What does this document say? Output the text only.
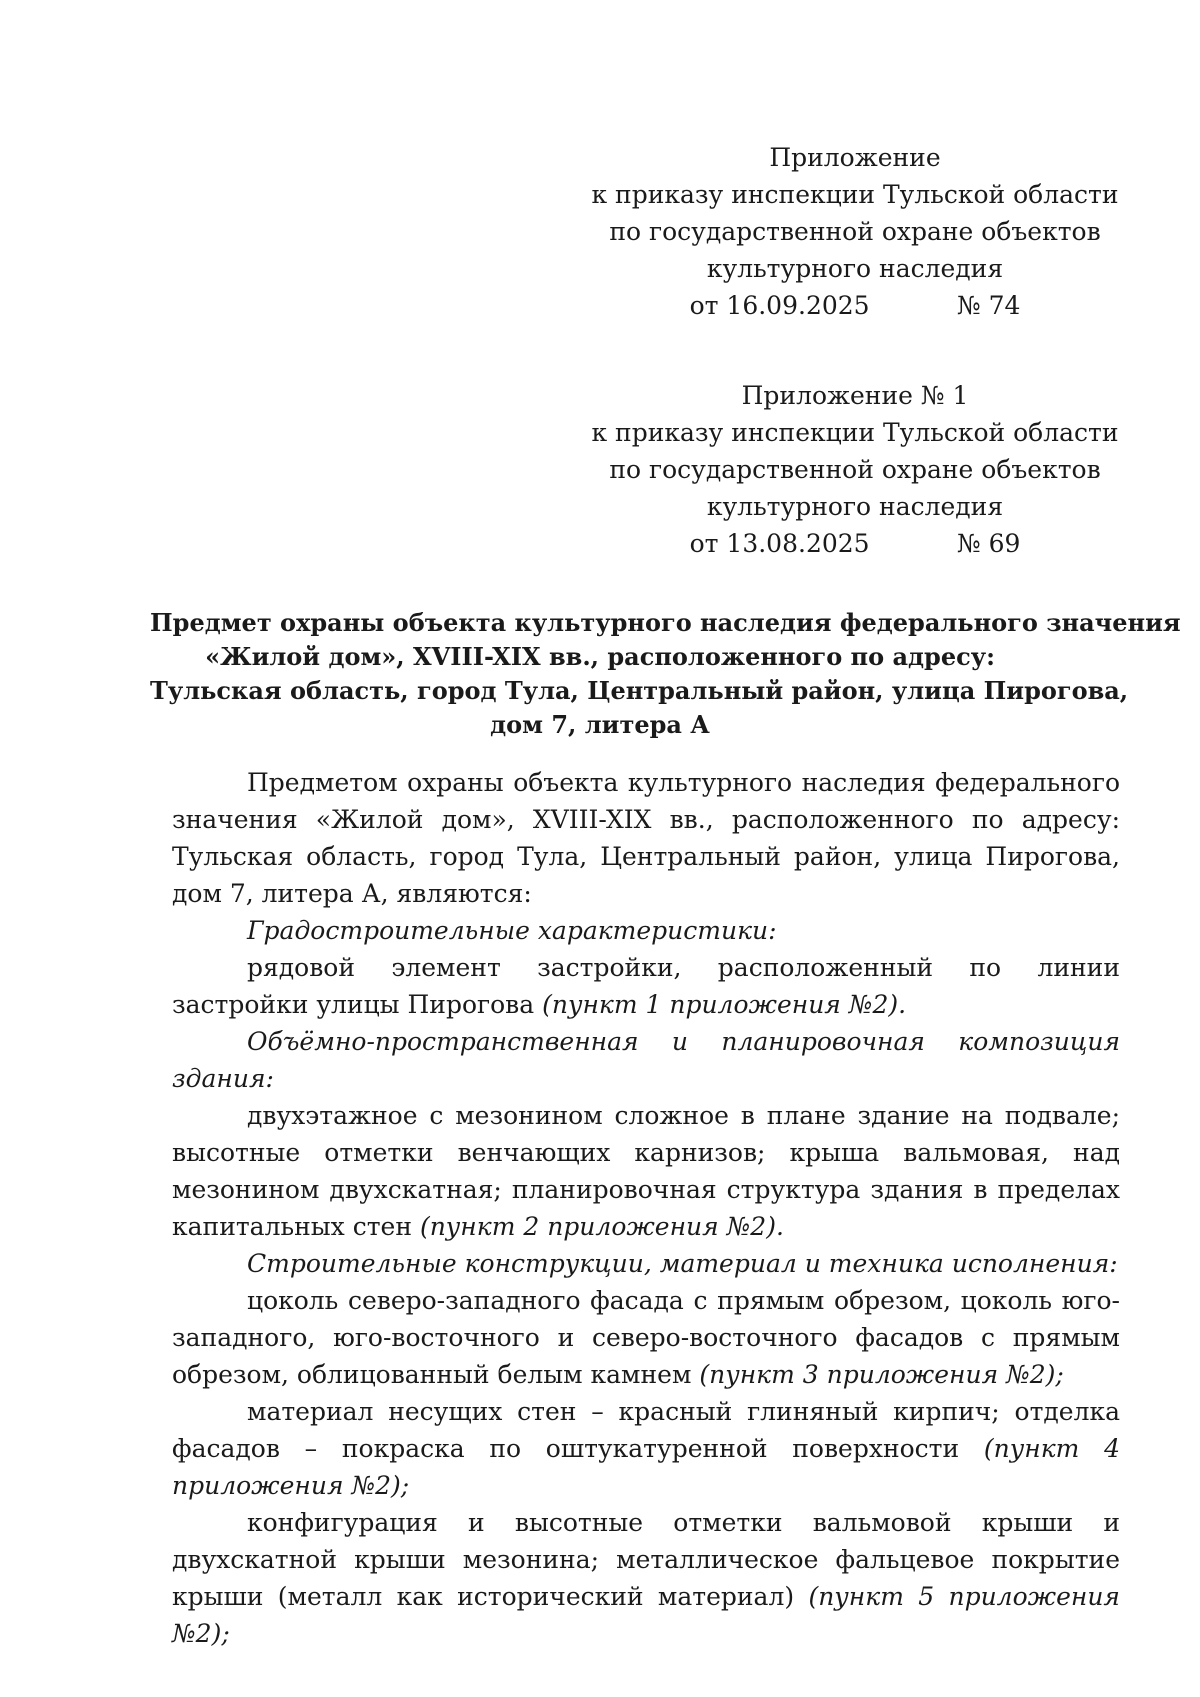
Приложение
к приказу инспекции Тульской области
по государственной охране объектов
культурного наследия
от 16.09.2025	№ 74
Приложение № 1
к приказу инспекции Тульской области
по государственной охране объектов
культурного наследия
от 13.08.2025	№ 69
Предмет охраны объекта культурного наследия федерального значения
«Жилой дом», XVIII-XIX вв., расположенного по адресу:
Тульская область, город Тула, Центральный район, улица Пирогова,
дом 7, литера А

Предметом охраны объекта культурного наследия федерального значения «Жилой дом», XVIII-XIX вв., расположенного по адресу: Тульская область, город Тула, Центральный район, улица Пирогова, дом 7, литера А, являются:

Градостроительные характеристики:

рядовой элемент застройки, расположенный по линии застройки улицы Пирогова (пункт 1 приложения №2).

Объёмно-пространственная и планировочная композиция здания:

двухэтажное с мезонином сложное в плане здание на подвале; высотные отметки венчающих карнизов; крыша вальмовая, над мезонином двухскатная; планировочная структура здания в пределах капитальных стен (пункт 2 приложения №2).

Строительные конструкции, материал и техника исполнения:

цоколь северо-западного фасада с прямым обрезом, цоколь юго-западного, юго-восточного и северо-восточного фасадов с прямым обрезом, облицованный белым камнем (пункт 3 приложения №2);

материал несущих стен – красный глиняный кирпич; отделка фасадов – покраска по оштукатуренной поверхности (пункт 4 приложения №2);

конфигурация и высотные отметки вальмовой крыши и двухскатной крыши мезонина; металлическое фальцевое покрытие крыши (металл как исторический материал) (пункт 5 приложения №2);
